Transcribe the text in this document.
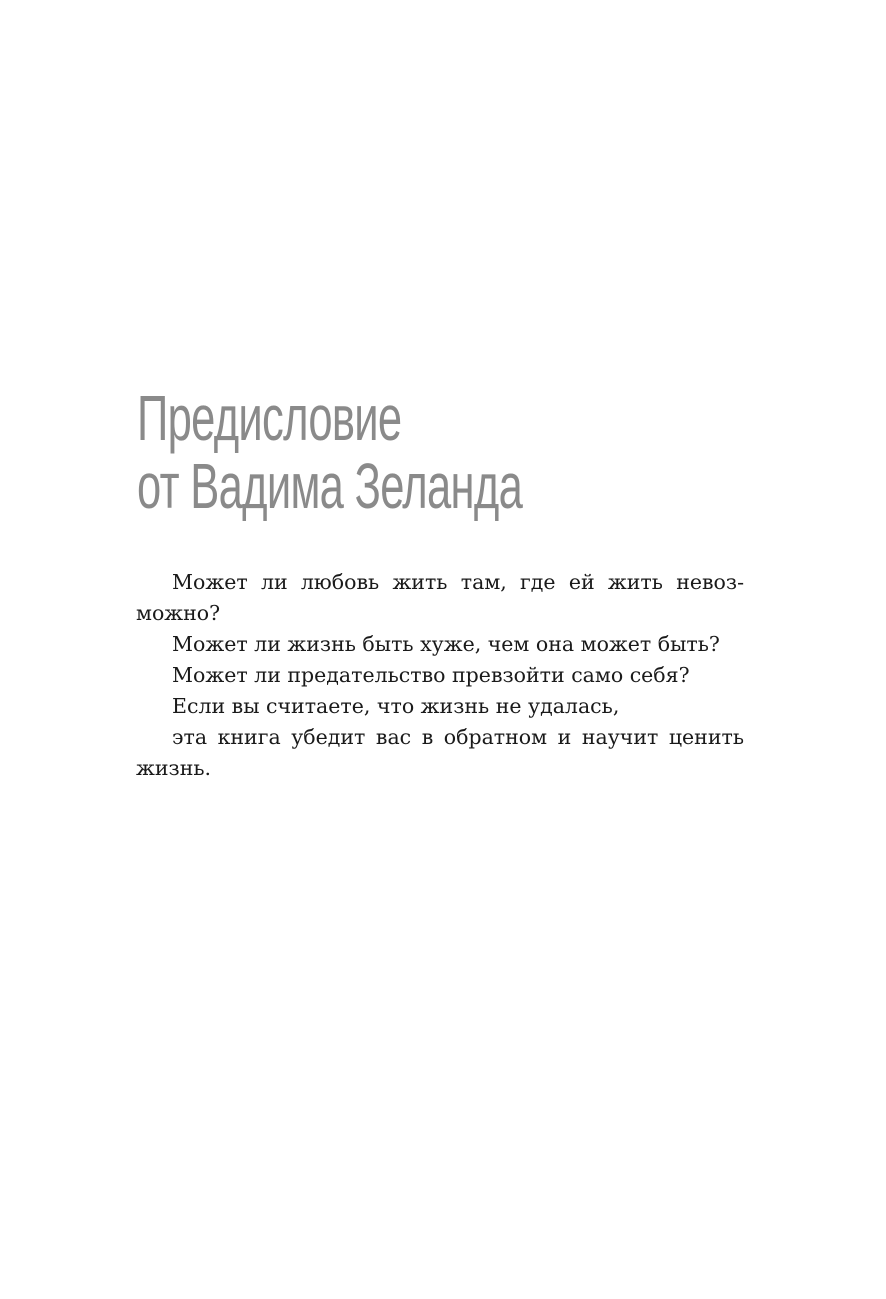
Предисловие
от Вадима Зеланда
Может ли любовь жить там, где ей жить невоз-
можно?
Может ли жизнь быть хуже, чем она может быть?
Может ли предательство превзойти само себя?
Если вы считаете, что жизнь не удалась,
эта книга убедит вас в обратном и научит ценить
жизнь.
